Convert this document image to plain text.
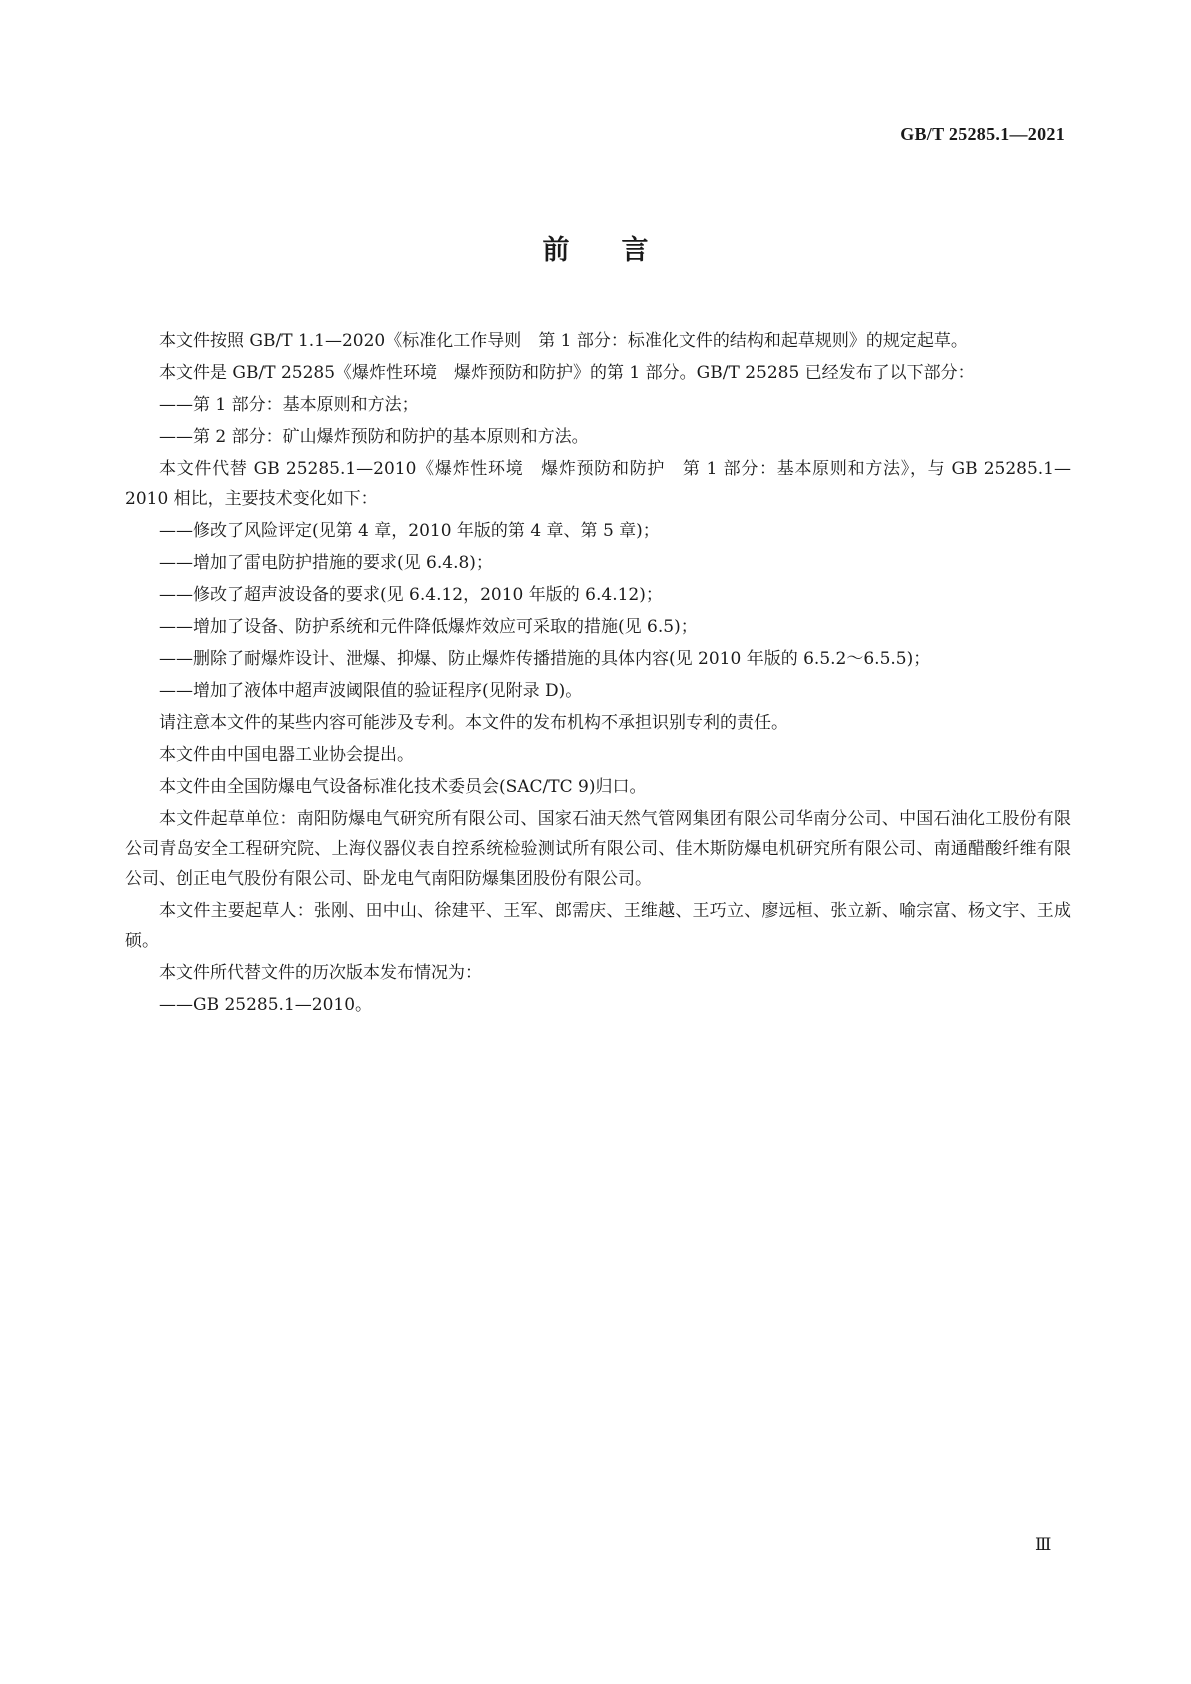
GB/T 25285.1—2021
前言

本文件按照 GB/T 1.1—2020《标准化工作导则　第 1 部分：标准化文件的结构和起草规则》的规定起草。

本文件是 GB/T 25285《爆炸性环境　爆炸预防和防护》的第 1 部分。GB/T 25285 已经发布了以下部分：

——第 1 部分：基本原则和方法；

——第 2 部分：矿山爆炸预防和防护的基本原则和方法。

本文件代替 GB 25285.1—2010《爆炸性环境　爆炸预防和防护　第 1 部分：基本原则和方法》，与 GB 25285.1—2010 相比，主要技术变化如下：

——修改了风险评定(见第 4 章，2010 年版的第 4 章、第 5 章)；

——增加了雷电防护措施的要求(见 6.4.8)；

——修改了超声波设备的要求(见 6.4.12，2010 年版的 6.4.12)；

——增加了设备、防护系统和元件降低爆炸效应可采取的措施(见 6.5)；

——删除了耐爆炸设计、泄爆、抑爆、防止爆炸传播措施的具体内容(见 2010 年版的 6.5.2～6.5.5)；

——增加了液体中超声波阈限值的验证程序(见附录 D)。

请注意本文件的某些内容可能涉及专利。本文件的发布机构不承担识别专利的责任。

本文件由中国电器工业协会提出。

本文件由全国防爆电气设备标准化技术委员会(SAC/TC 9)归口。

本文件起草单位：南阳防爆电气研究所有限公司、国家石油天然气管网集团有限公司华南分公司、中国石油化工股份有限公司青岛安全工程研究院、上海仪器仪表自控系统检验测试所有限公司、佳木斯防爆电机研究所有限公司、南通醋酸纤维有限公司、创正电气股份有限公司、卧龙电气南阳防爆集团股份有限公司。

本文件主要起草人：张刚、田中山、徐建平、王军、郎需庆、王维越、王巧立、廖远桓、张立新、喻宗富、杨文宇、王成硕。

本文件所代替文件的历次版本发布情况为：

——GB 25285.1—2010。

Ⅲ
